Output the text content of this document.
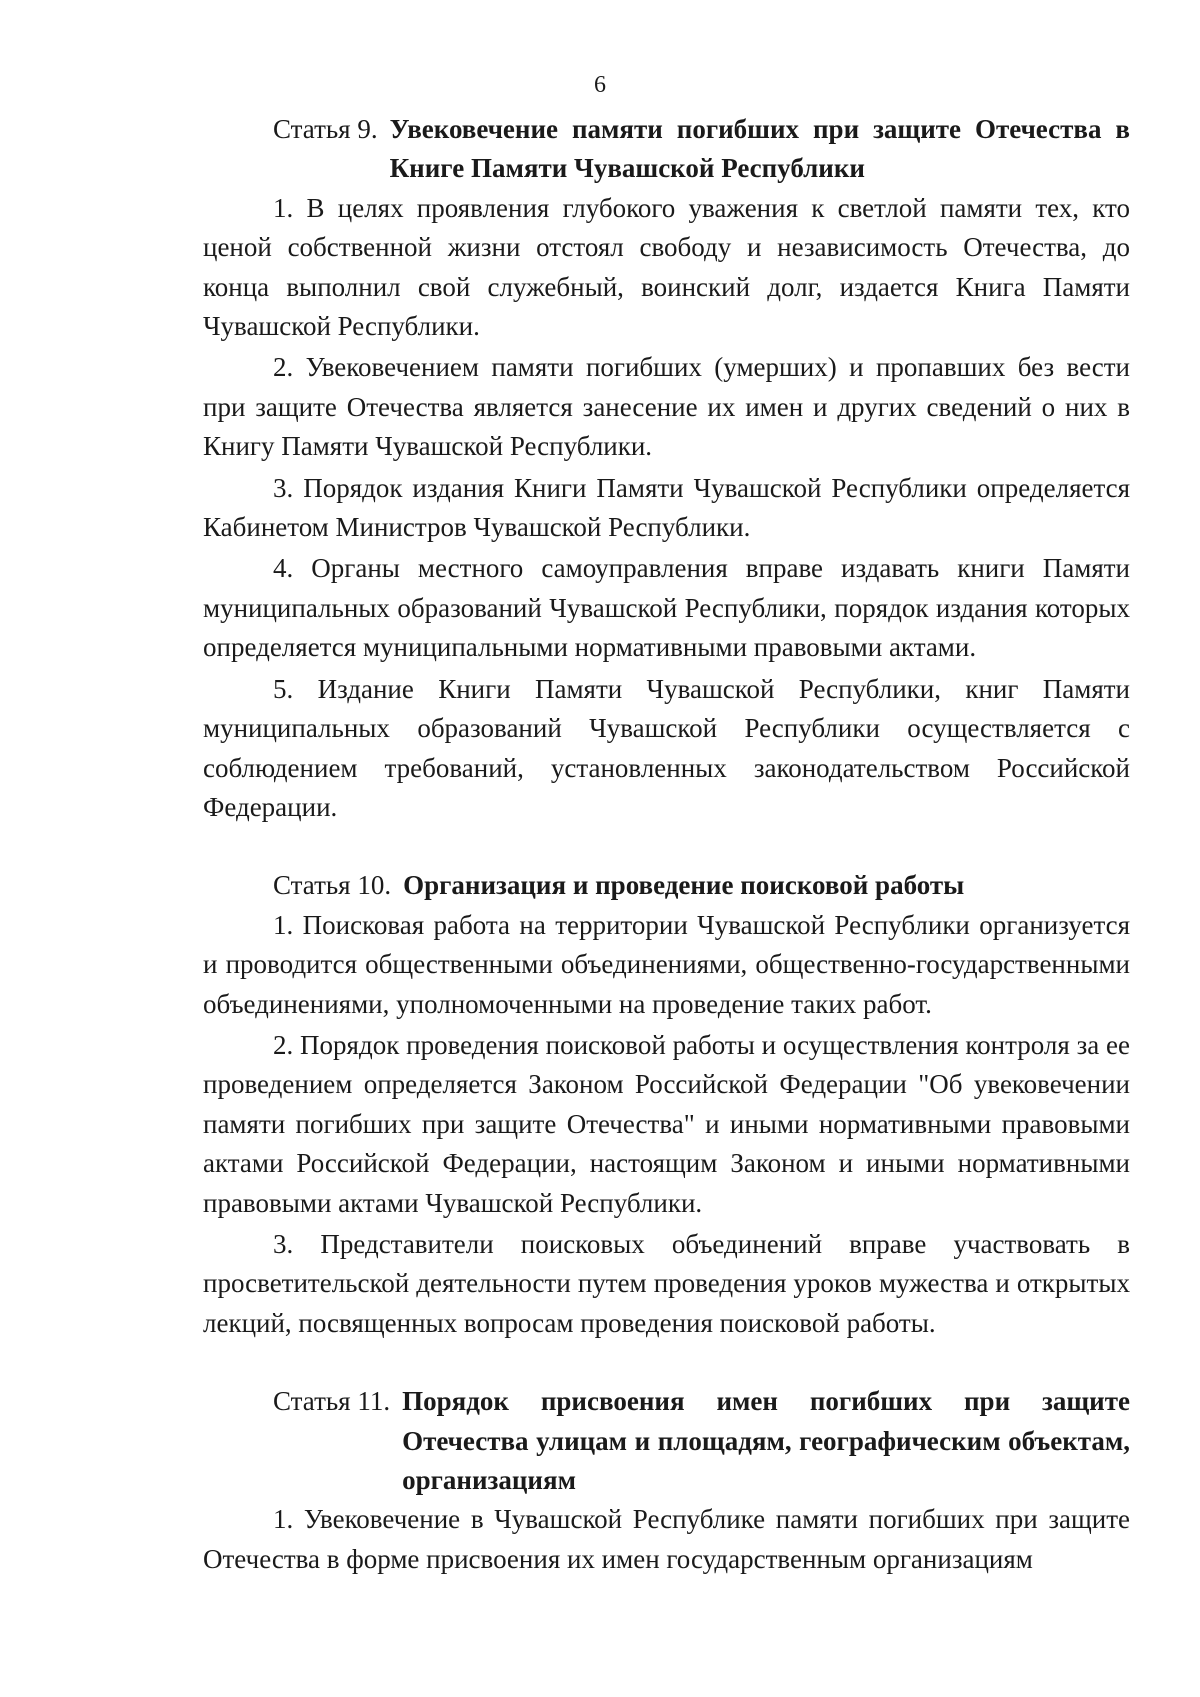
6
Статья 9. Увековечение памяти погибших при защите Отечества в Книге Памяти Чувашской Республики

1. В целях проявления глубокого уважения к светлой памяти тех, кто ценой собственной жизни отстоял свободу и независимость Отечества, до конца выполнил свой служебный, воинский долг, издается Книга Памяти Чувашской Республики.

2. Увековечением памяти погибших (умерших) и пропавших без вести при защите Отечества является занесение их имен и других сведений о них в Книгу Памяти Чувашской Республики.

3. Порядок издания Книги Памяти Чувашской Республики определяется Кабинетом Министров Чувашской Республики.

4. Органы местного самоуправления вправе издавать книги Памяти муниципальных образований Чувашской Республики, порядок издания которых определяется муниципальными нормативными правовыми актами.

5. Издание Книги Памяти Чувашской Республики, книг Памяти муниципальных образований Чувашской Республики осуществляется с соблюдением требований, установленных законодательством Российской Федерации.

Статья 10. Организация и проведение поисковой работы

1. Поисковая работа на территории Чувашской Республики организуется и проводится общественными объединениями, общественно-государственными объединениями, уполномоченными на проведение таких работ.

2. Порядок проведения поисковой работы и осуществления контроля за ее проведением определяется Законом Российской Федерации "Об увековечении памяти погибших при защите Отечества" и иными нормативными правовыми актами Российской Федерации, настоящим Законом и иными нормативными правовыми актами Чувашской Республики.

3. Представители поисковых объединений вправе участвовать в просветительской деятельности путем проведения уроков мужества и открытых лекций, посвященных вопросам проведения поисковой работы.

Статья 11. Порядок присвоения имен погибших при защите Отечества улицам и площадям, географическим объектам, организациям

1. Увековечение в Чувашской Республике памяти погибших при защите Отечества в форме присвоения их имен государственным организациям
